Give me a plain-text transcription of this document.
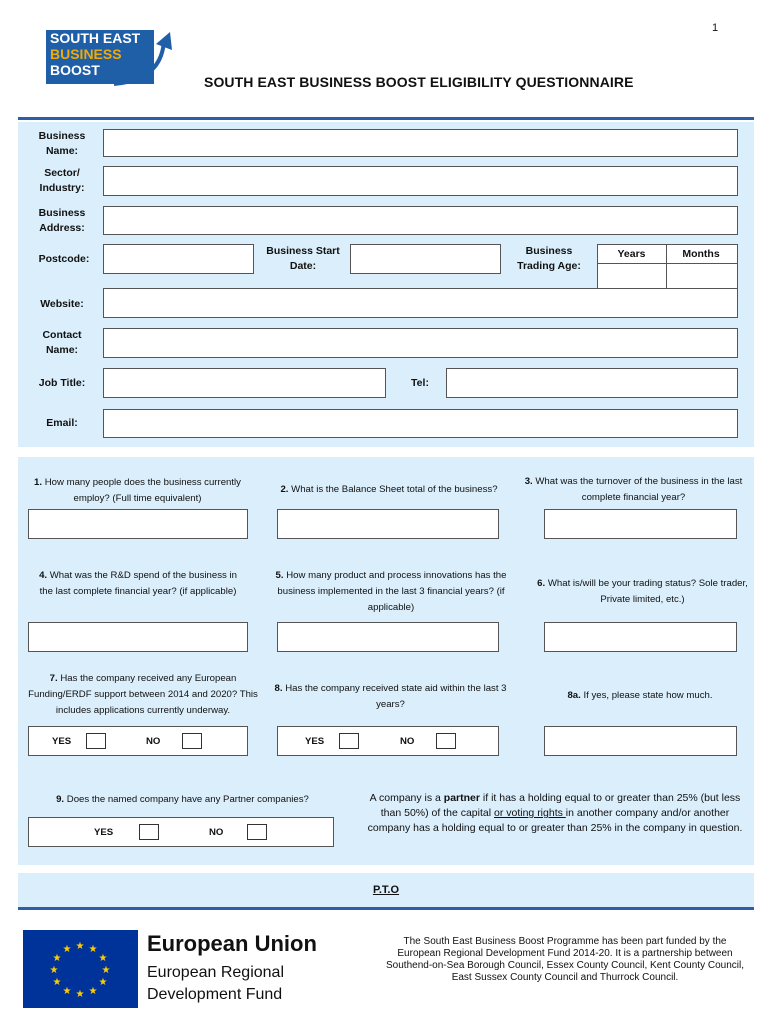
1
SOUTH EAST
BUSINESS
BOOST
SOUTH EAST BUSINESS BOOST ELIGIBILITY QUESTIONNAIRE
Business Name:
Sector/ Industry:
Business Address:
Postcode:
Business Start Date:
Business Trading Age:
Years	Months
Website:
Contact Name:
Job Title:	Tel:
Email:
1. How many people does the business currently employ? (Full time equivalent)
2. What is the Balance Sheet total of the business?
3. What was the turnover of the business in the last complete financial year?
4. What was the R&D spend of the business in the last complete financial year? (if applicable)
5. How many product and process innovations has the business implemented in the last 3 financial years? (if applicable)
6. What is/will be your trading status? Sole trader, Private limited, etc.)
7. Has the company received any European Funding/ERDF support between 2014 and 2020? This includes applications currently underway.
YES	NO
8. Has the company received state aid within the last 3 years?
YES	NO
8a. If yes, please state how much.
9. Does the named company have any Partner companies?
YES	NO
A company is a partner if it has a holding equal to or greater than 25% (but less than 50%) of the capital or voting rights in another company and/or another company has a holding equal to or greater than 25% in the company in question.
P.T.O
★ ★
★
★
★
★
★
★
★
★
★
★	European Union
European Regional
Development Fund
The South East Business Boost Programme has been part funded by the European Regional Development Fund 2014-20. It is a partnership between Southend-on-Sea Borough Council, Essex County Council, Kent County Council, East Sussex County Council and Thurrock Council.
